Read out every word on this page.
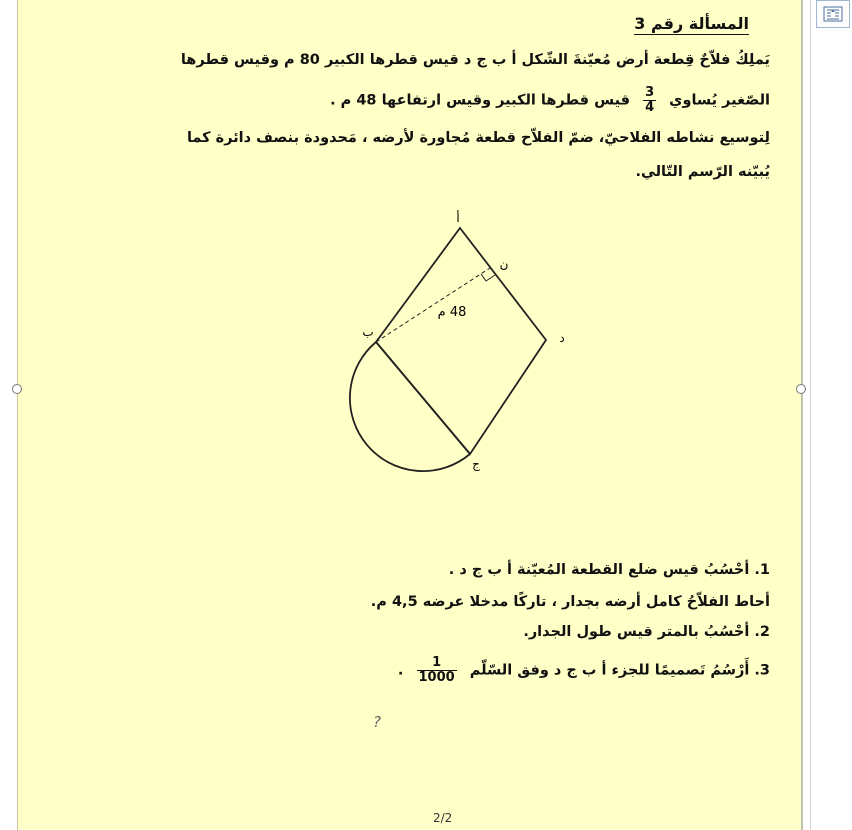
المسألة رقم 3
يَملِكُ فلاّحٌ قِطعة أرض مُعيّنةَ الشّكل أ ب ج د قيس قطرها الكبير 80 م وقيس قطرها
الصّغير يُساوي
$\frac{3}{4}$
قيس قطرها الكبير وقيس ارتفاعها 48 م .
لِتوسيع نشاطه الفلاحيّ، ضمّ الفلاّح قطعة مُجاورة لأرضه ، مَحدودة بنصف دائرة كما
يُبيّنه الرّسم التّالي.
أ
ب
ج
د
ن
48 م
1. أحْسُبُ قيس ضلع القطعة المُعيّنة أ ب ج د .
أحاط الفلاّحُ كامل أرضه بجدار ، تاركًا مدخلا عرضه 4,5 م.
2. أحْسُبُ بالمتر قيس طول الجدار.
3. أَرْسُمُ تَصميمًا للجزء أ ب ج د وفق السّلّم
$\frac{1}{1000}$
.
?
2/2
